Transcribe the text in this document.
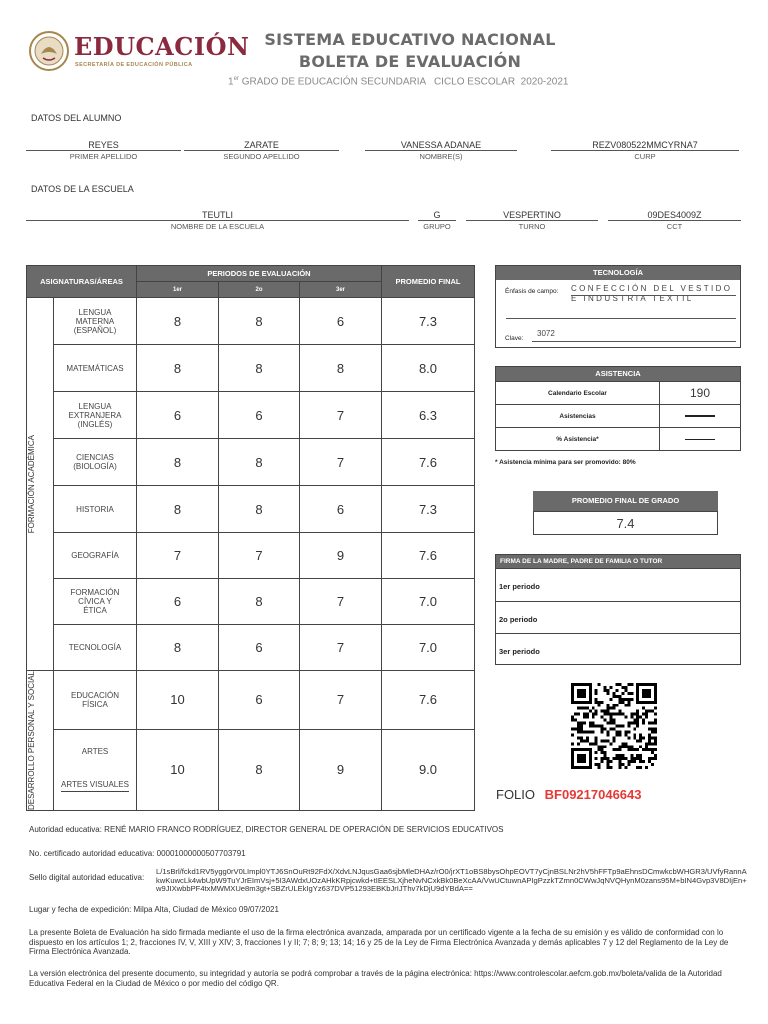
EDUCACIÓN
SECRETARÍA DE EDUCACIÓN PÚBLICA
SISTEMA EDUCATIVO NACIONAL
BOLETA DE EVALUACIÓN
1er GRADO DE EDUCACIÓN SECUNDARIA   CICLO ESCOLAR  2020-2021
DATOS DEL ALUMNO
REYES
PRIMER APELLIDO
ZARATE
SEGUNDO APELLIDO
VANESSA ADANAE
NOMBRE(S)
REZV080522MMCYRNA7
CURP
DATOS DE LA ESCUELA
TEUTLI
NOMBRE DE LA ESCUELA
G
GRUPO
VESPERTINO
TURNO
09DES4009Z
CCT
ASIGNATURAS/ÁREAS		PERIODOS DE EVALUACIÓN			PROMEDIO FINAL
		1er	2o	3er	

FORMACIÓN ACADÉMICA	LENGUA MATERNA (ESPAÑOL)	8	8	6	7.3

	MATEMÁTICAS	8	8	8	8.0

	LENGUA EXTRANJERA (INGLÉS)	6	6	7	6.3

	CIENCIAS (BIOLOGÍA)	8	8	7	7.6

	HISTORIA	8	8	6	7.3

	GEOGRAFÍA	7	7	9	7.6

	FORMACIÓN CÍVICA Y ÉTICA	6	8	7	7.0

	TECNOLOGÍA	8	6	7	7.0

DESARROLLO PERSONAL Y SOCIAL	EDUCACIÓN FÍSICA	10	6	7	7.6

	ARTES
ARTES VISUALES	10	8	9	9.0
TECNOLOGÍA
Énfasis de campo: CONFECCIÓN DEL VESTIDO E INDUSTRIA TEXTIL
Clave:
3072
ASISTENCIA
Calendario Escolar	190
Asistencias
% Asistencia*
* Asistencia mínima para ser promovido: 80%
PROMEDIO FINAL DE GRADO
7.4
FIRMA DE LA MADRE, PADRE DE FAMILIA O TUTOR
1er periodo
2o periodo
3er periodo
FOLIO BF09217046643
Autoridad educativa: RENÉ MARIO FRANCO RODRÍGUEZ, DIRECTOR GENERAL DE OPERACIÓN DE SERVICIOS EDUCATIVOS
No. certificado autoridad educativa: 00001000000507703791
Sello digital autoridad educativa:
L/1sBrl/fckd1RV5ygg0rV0LImpl0YTJ6SnOuRt92FdX/XdvLNJqusGaa6sjbMleDHAz/rO0/jrXT1oBS8bysOhpEOVT7yCjnBSLNr2hV5hFFTp9aEhnsDCmwkcbWHGR3/UVfyRannAkwKuwcLk4wbUpW9TuYJrEImVsj+5I3AWdxUOzAHkKRpjcwkd+tIEESLXjheNvNCxkBk0BeXcAA/VwUCtuwnAPIgPzzkTZmn0CWwJqNVQHynM0zans95M+bIN4Gvp3V8DIjEn+w9JIXwbbPF4txMWMXUe8m3gt+SBZrULEkIgYz637DVP51293EBKbJrIJThv7kDjU9dYBdA==
Lugar y fecha de expedición: Milpa Alta, Ciudad de México 09/07/2021
La presente Boleta de Evaluación ha sido firmada mediante el uso de la firma electrónica avanzada, amparada por un certificado vigente a la fecha de su emisión y es válido de conformidad con lo dispuesto en los artículos 1; 2, fracciones IV, V, XIII y XIV; 3, fracciones I y II; 7; 8; 9; 13; 14; 16 y 25 de la Ley de Firma Electrónica Avanzada y demás aplicables 7 y 12 del Reglamento de la Ley de Firma Electrónica Avanzada.
La versión electrónica del presente documento, su integridad y autoría se podrá comprobar a través de la página electrónica: https://www.controlescolar.aefcm.gob.mx/boleta/valida de la Autoridad Educativa Federal en la Ciudad de México o por medio del código QR.
